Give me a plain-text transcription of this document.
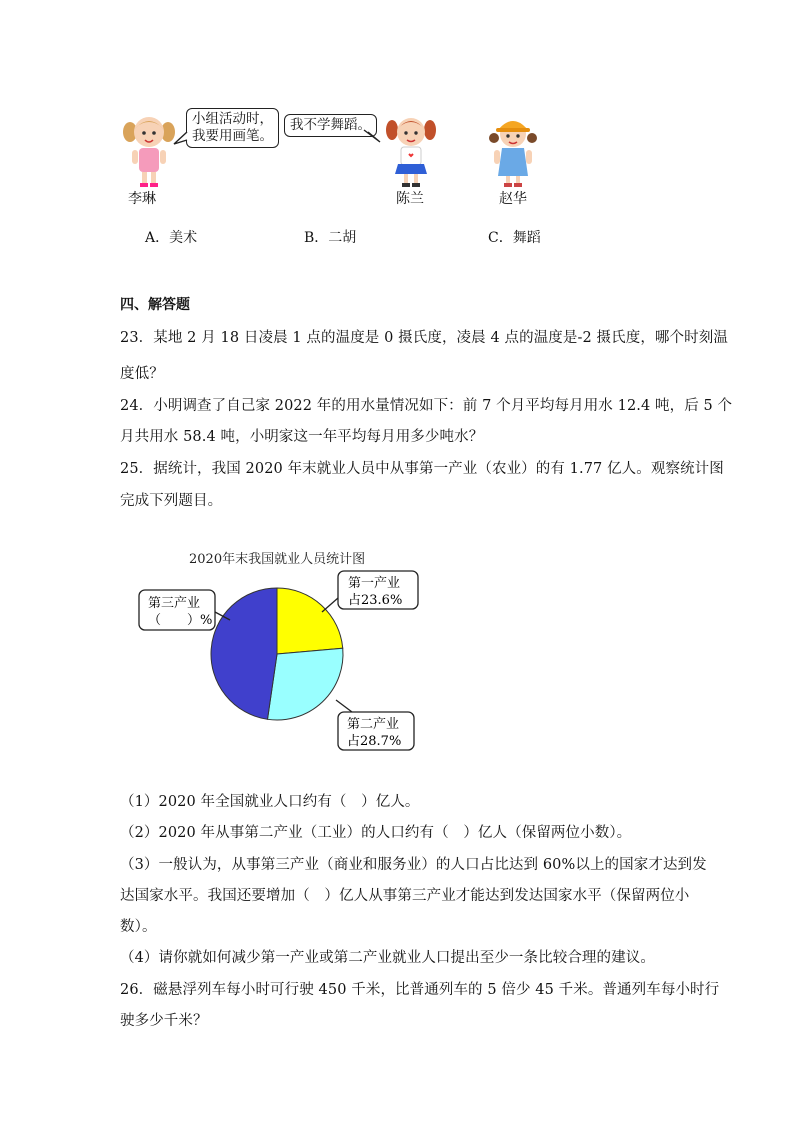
小组活动时，
我要用画笔。
李琳
我不学舞蹈。
陈兰	赵华
A．美术	B．二胡	C．舞蹈
四、解答题
23．某地 2 月 18 日凌晨 1 点的温度是 0 摄氏度，凌晨 4 点的温度是-2 摄氏度，哪个时刻温
度低？
24．小明调查了自己家 2022 年的用水量情况如下：前 7 个月平均每月用水 12.4 吨，后 5 个
月共用水 58.4 吨，小明家这一年平均每月用多少吨水？
25．据统计，我国 2020 年末就业人员中从事第一产业（农业）的有 1.77 亿人。观察统计图
完成下列题目。
2020年末我国就业人员统计图
第一产业
占23.6%
第二产业
占28.7%
第三产业
（　　）%
（1）2020 年全国就业人口约有（　）亿人。
（2）2020 年从事第二产业（工业）的人口约有（　）亿人（保留两位小数）。
（3）一般认为，从事第三产业（商业和服务业）的人口占比达到 60%以上的国家才达到发
达国家水平。我国还要增加（　）亿人从事第三产业才能达到发达国家水平（保留两位小
数）。
（4）请你就如何减少第一产业或第二产业就业人口提出至少一条比较合理的建议。
26．磁悬浮列车每小时可行驶 450 千米，比普通列车的 5 倍少 45 千米。普通列车每小时行
驶多少千米？
